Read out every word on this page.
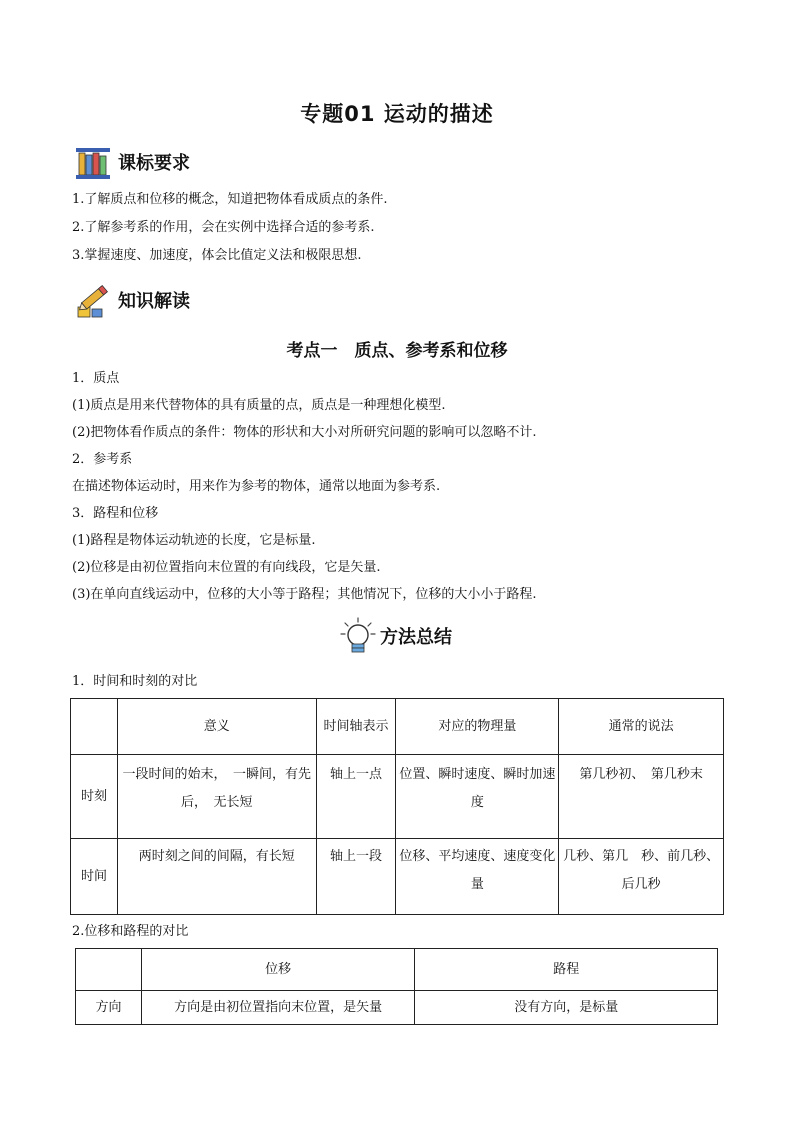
专题01 运动的描述
课标要求
1.了解质点和位移的概念，知道把物体看成质点的条件.
2.了解参考系的作用，会在实例中选择合适的参考系.
3.掌握速度、加速度，体会比值定义法和极限思想.
知识解读
考点一　质点、参考系和位移
1．质点
(1)质点是用来代替物体的具有质量的点，质点是一种理想化模型.
(2)把物体看作质点的条件：物体的形状和大小对所研究问题的影响可以忽略不计.
2．参考系
在描述物体运动时，用来作为参考的物体，通常以地面为参考系.
3．路程和位移
(1)路程是物体运动轨迹的长度，它是标量.
(2)位移是由初位置指向末位置的有向线段，它是矢量.
(3)在单向直线运动中，位移的大小等于路程；其他情况下，位移的大小小于路程.
方法总结
1．时间和时刻的对比
	意义	时间轴表示	对应的物理量	通常的说法
时刻	一段时间的始末，　一瞬间，有先后，　无长短	轴上一点	位置、瞬时速度、瞬时加速度	第几秒初、　第几秒末
时间	两时刻之间的间隔，有长短	轴上一段	位移、平均速度、速度变化量	几秒、第几　秒、前几秒、后几秒
2.位移和路程的对比
	位移	路程
方向	方向是由初位置指向末位置，是矢量	没有方向，是标量
